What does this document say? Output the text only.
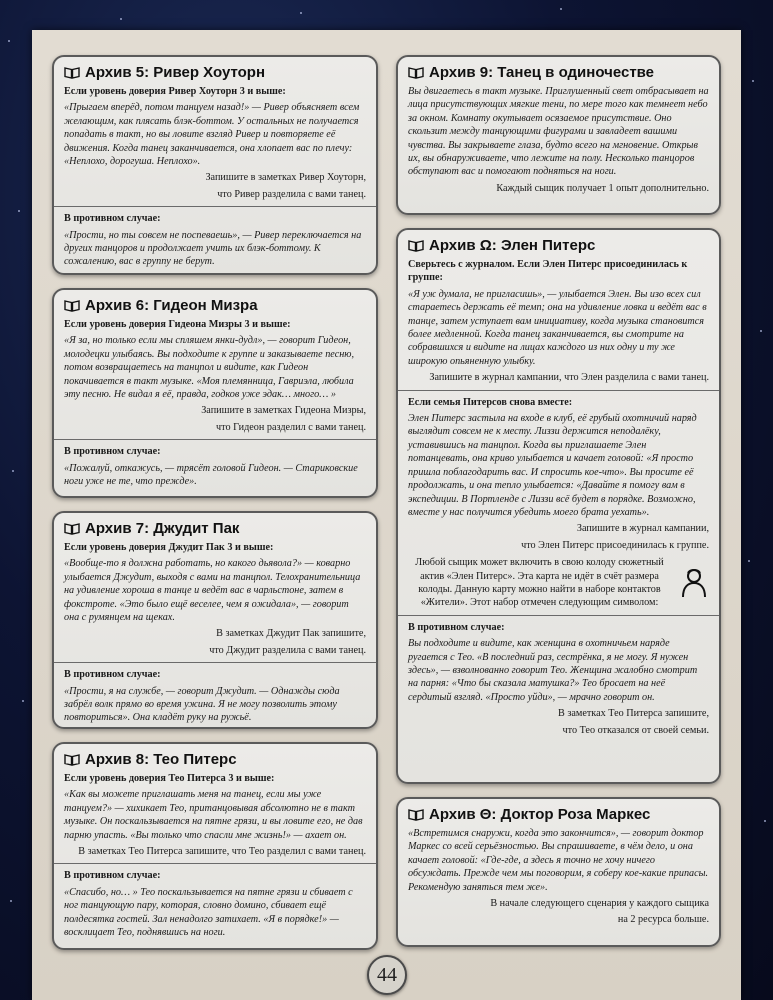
Архив 5: Ривер Хоуторн
Если уровень доверия Ривер Хоуторн 3 и выше:

«Прыгаем вперёд, потом танцуем назад!» — Ривер объясняет всем желающим, как плясать блэк-боттом. У остальных не получается попадать в такт, но вы ловите взгляд Ривер и повторяете её движения. Когда танец заканчивается, она хлопает вас по плечу: «Неплохо, дорогуша. Неплохо».

Запишите в заметках Ривер Хоуторн,

что Ривер разделила с вами танец.

В противном случае:

«Прости, но ты совсем не поспеваешь», — Ривер переключается на других танцоров и продолжает учить их блэк-боттому. К сожалению, вас в группу не берут.

Архив 6: Гидеон Мизра
Если уровень доверия Гидеона Мизры 3 и выше:

«Я за, но только если мы спляшем янки-дудл», — говорит Гидеон, молодецки улыбаясь. Вы подходите к группе и заказываете песню, потом возвращаетесь на танцпол и видите, как Гидеон покачивается в такт музыке. «Моя племянница, Гавриэла, любила эту песню. Не видал я её, правда, годков уже эдак… много… »

Запишите в заметках Гидеона Мизры,

что Гидеон разделил с вами танец.

В противном случае:

«Пожалуй, откажусь, — трясёт головой Гидеон. — Стариковские ноги уже не те, что прежде».

Архив 7: Джудит Пак
Если уровень доверия Джудит Пак 3 и выше:

«Вообще-то я должна работать, но какого дьявола?» — коварно улыбается Джудит, выходя с вами на танцпол. Телохранительница на удивление хороша в танце и ведёт вас в чарльстоне, затем в фокстроте. «Это было ещё веселее, чем я ожидала», — говорит она с румянцем на щеках.

В заметках Джудит Пак запишите,

что Джудит разделила с вами танец.

В противном случае:

«Прости, я на службе, — говорит Джудит. — Однажды сюда забрёл волк прямо во время ужина. Я не могу позволить этому повториться». Она кладёт руку на ружьё.

Архив 8: Тео Питерс
Если уровень доверия Тео Питерса 3 и выше:

«Как вы можете приглашать меня на танец, если мы уже танцуем?» — хихикает Тео, пританцовывая абсолютно не в такт музыке. Он поскальзывается на пятне грязи, и вы ловите его, не дав парню упасть. «Вы только что спасли мне жизнь!» — ахает он.

В заметках Тео Питерса запишите, что Тео разделил с вами танец.

В противном случае:

«Спасибо, но… » Тео поскальзывается на пятне грязи и сбивает с ног танцующую пару, которая, словно домино, сбивает ещё полдесятка гостей. Зал ненадолго затихает. «Я в порядке!» — восклицает Тео, поднявшись на ноги.

Архив 9: Танец в одиночестве

Вы двигаетесь в такт музыке. Приглушенный свет отбрасывает на лица присутствующих мягкие тени, по мере того как темнеет небо за окном. Комнату окутывает осязаемое присутствие. Оно скользит между танцующими фигурами и завладеет вашими чувства. Вы закрываете глаза, будто всего на мгновение. Открыв их, вы обнаруживаете, что лежите на полу. Несколько танцоров обступают вас и помогают подняться на ноги.

Каждый сыщик получает 1 опыт дополнительно.

Архив Ω: Элен Питерс
Сверьтесь с журналом. Если Элен Питерс присоединилась к группе:

«Я уж думала, не пригласишь», — улыбается Элен. Вы изо всех сил стараетесь держать её темп; она на удивление ловка и ведёт вас в танце, затем уступает вам инициативу, когда музыка становится более медленной. Когда танец заканчивается, вы смотрите на собравшихся и видите на лицах каждого из них одну и ту же широкую опьяненную улыбку.

Запишите в журнал кампании, что Элен разделила с вами танец.

Если семья Питерсов снова вместе:

Элен Питерс застыла на входе в клуб, её грубый охотничий наряд выглядит совсем не к месту. Лиззи держится неподалёку, уставившись на танцпол. Когда вы приглашаете Элен потанцевать, она криво улыбается и качает головой: «Я просто пришла поблагодарить вас. И спросить кое-что». Вы просите её продолжать, и она тепло улыбается: «Давайте я помогу вам в экспедиции. В Портленде с Лиззи всё будет в порядке. Возможно, вместе у нас получится убедить моего брата уехать».

Запишите в журнал кампании,

что Элен Питерс присоединилась к группе.

Любой сыщик может включить в свою колоду сюжетный актив «Элен Питерс». Эта карта не идёт в счёт размера колоды. Данную карту можно найти в наборе контактов «Жители». Этот набор отмечен следующим символом:

В противном случае:

Вы подходите и видите, как женщина в охотничьем наряде ругается с Тео. «В последний раз, сестрёнка, я не могу. Я нужен здесь», — взволнованно говорит Тео. Женщина жалобно смотрит на парня: «Что бы сказала матушка?» Тео бросает на неё сердитый взгляд. «Просто уйди», — мрачно говорит он.

В заметках Тео Питерса запишите,

что Тео отказался от своей семьи.

Архив Θ: Доктор Роза Маркес

«Встретимся снаружи, когда это закончится», — говорит доктор Маркес со всей серьёзностью. Вы спрашиваете, в чём дело, и она качает головой: «Где-где, а здесь я точно не хочу ничего обсуждать. Прежде чем мы поговорим, я соберу кое-какие припасы. Рекомендую заняться тем же».

В начале следующего сценария у каждого сыщика

на 2 ресурса больше.

44
